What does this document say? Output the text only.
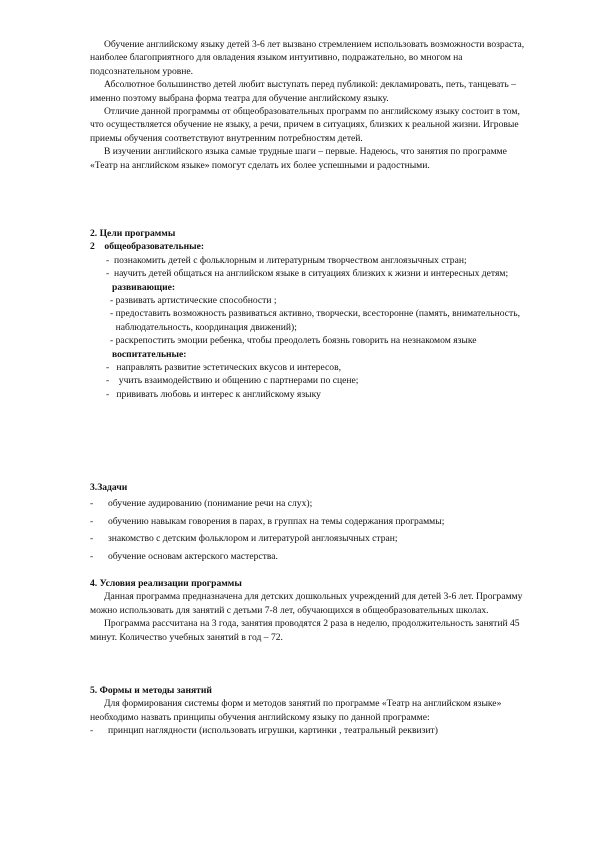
Обучение английскому языку детей 3-6 лет вызвано стремлением использовать возможности возраста, наиболее благоприятного для овладения языком интуитивно, подражательно, во многом на подсознательном уровне.

Абсолютное большинство детей любит выступать перед публикой: декламировать, петь, танцевать – именно поэтому выбрана форма театра для обучение английскому языку.

Отличие данной программы от общеобразовательных программ по английскому языку состоит в том, что осуществляется обучение не языку, а речи, причем в ситуациях, близких к реальной жизни. Игровые приемы обучения соответствуют внутренним потребностям детей.

В изучении английского языка самые трудные шаги – первые. Надеюсь, что занятия по программе «Театр на английском языке» помогут сделать их более успешными и радостными.

2. Цели программы

2 общеобразовательные:

-
познакомить детей с фольклорным и литературным творчеством англоязычных стран;
-
научить детей общаться на английском языке в ситуациях близких к жизни и интересных детям;

развивающие:

-
развивать артистические способности ;
-
предоставить возможность развиваться активно, творчески, всесторонне (память, внимательность, наблюдательность, координация движений);
-
раскрепостить эмоции ребенка, чтобы преодолеть боязнь говорить на незнакомом языке

воспитательные:

-
направлять развитие эстетических вкусов и интересов,
-
учить взаимодействию и общению с партнерами по сцене;
-
прививать любовь и интерес к английскому языку

3.Задачи

-	обучение аудированию (понимание речи на слух);
-	обучению навыкам говорения в парах, в группах на темы содержания программы;
-	знакомство с детским фольклором и литературой англоязычных стран;
-	обучение основам актерского мастерства.

4. Условия реализации программы

Данная программа предназначена для детских дошкольных учреждений для детей 3-6 лет. Программу можно использовать для занятий с детьми 7-8 лет, обучающихся в общеобразовательных школах.

Программа рассчитана на 3 года, занятия проводятся 2 раза в неделю, продолжительность занятий 45 минут. Количество учебных занятий в год – 72.

5. Формы и методы занятий

Для формирования системы форм и методов занятий по программе «Театр на английском языке» необходимо назвать принципы обучения английскому языку по данной программе:

-	принцип наглядности (использовать игрушки, картинки , театральный реквизит)
